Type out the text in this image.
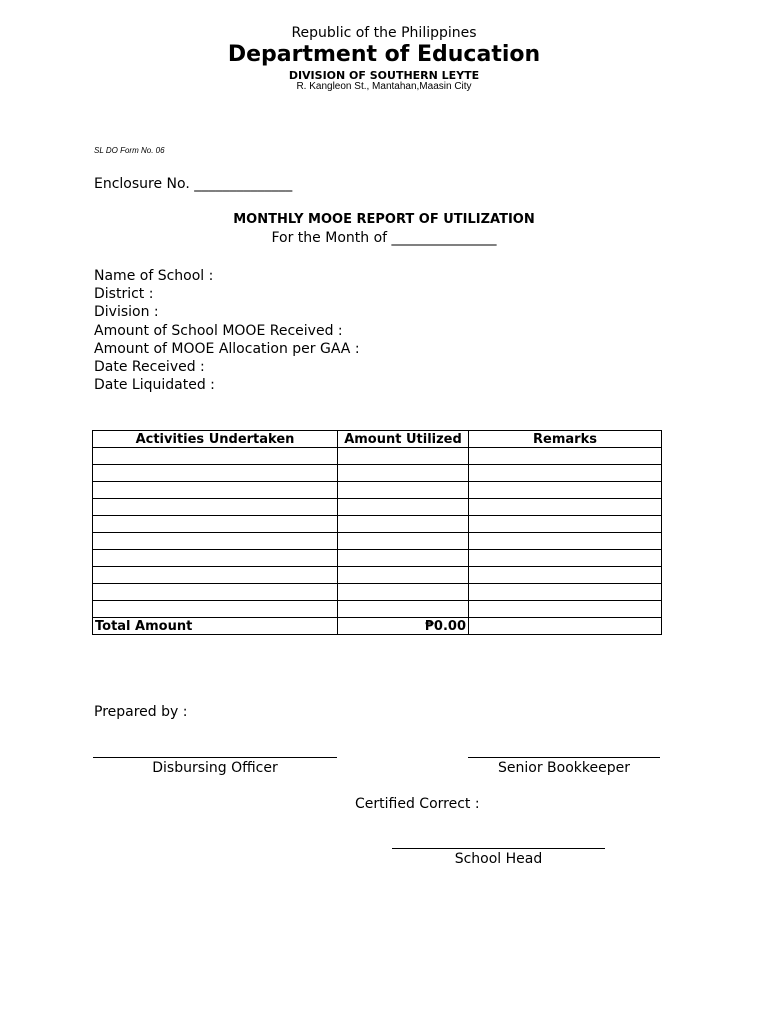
Republic of the Philippines
Department of Education
DIVISION OF SOUTHERN LEYTE
R. Kangleon St., Mantahan,Maasin City
SL DO Form No. 06
Enclosure No. ______________
MONTHLY MOOE REPORT OF UTILIZATION
For the Month of _______________
Name of School :
District :
Division :
Amount of School MOOE Received :
Amount of MOOE Allocation per GAA :
Date Received :
Date Liquidated :
Activities Undertaken	Amount Utilized	Remarks

Total Amount	₱0.00	
Prepared by :
Disbursing Officer	Senior Bookkeeper
Certified Correct :
School Head
